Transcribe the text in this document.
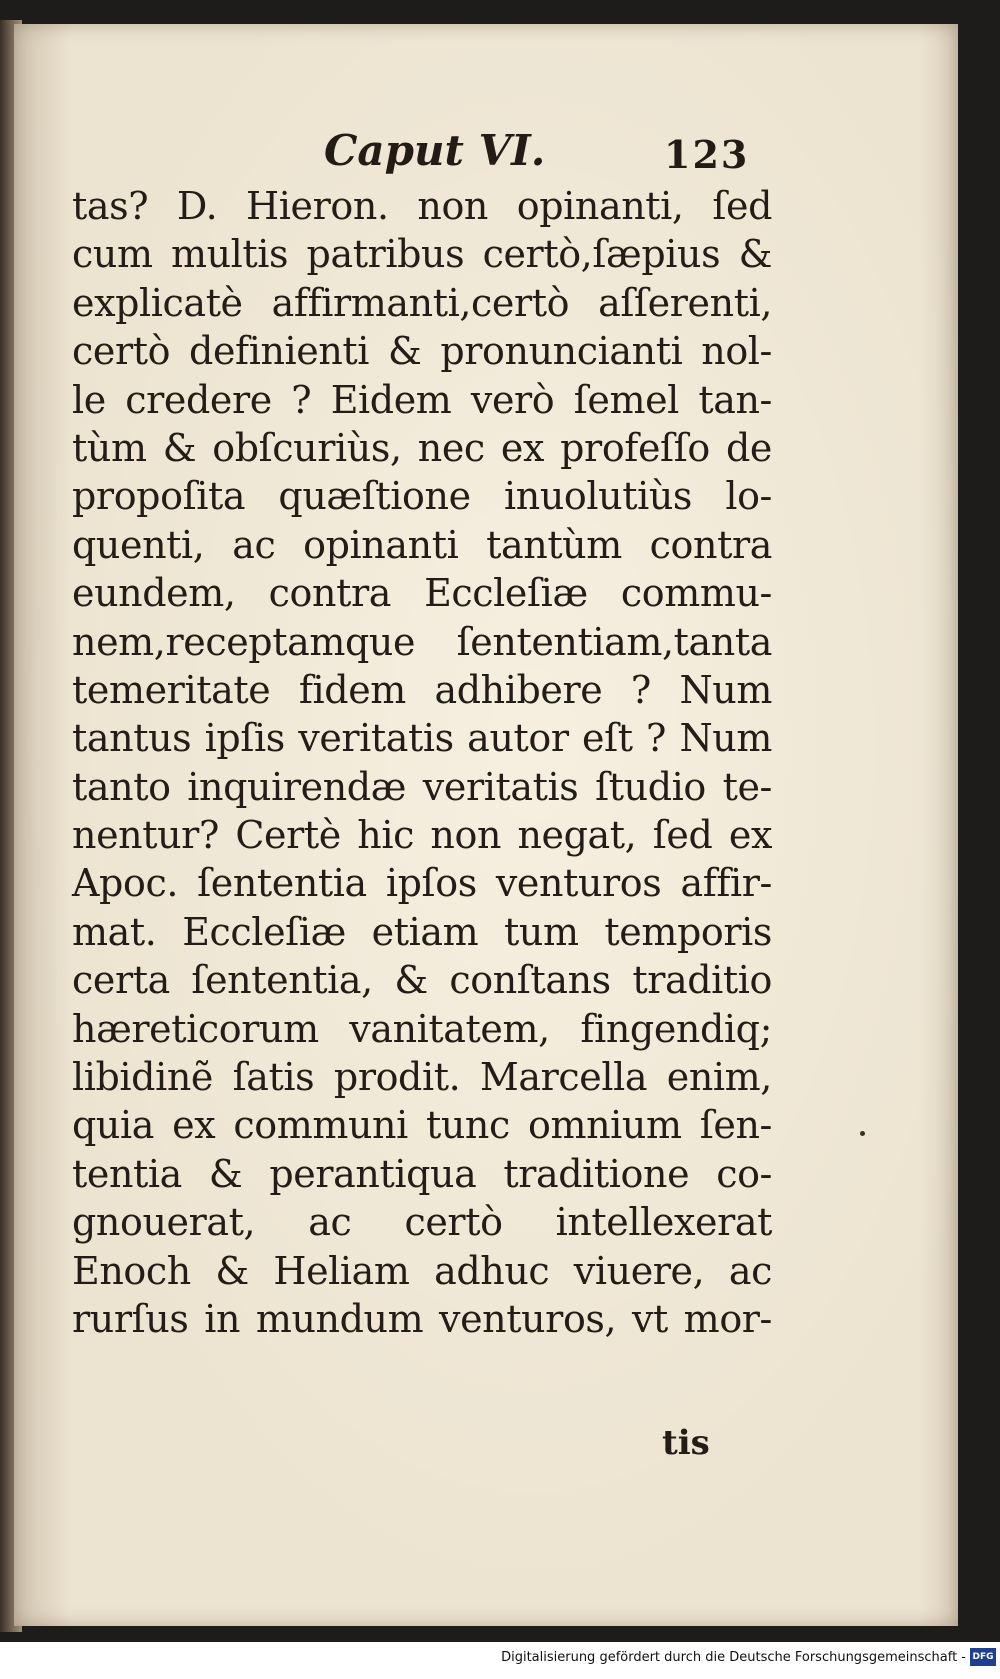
Caput VI.	123
tas? D. Hieron. non opinanti, ſed
cum multis patribus certò,ſæpius &
explicatè affirmanti,certò aſſerenti,
certò definienti & pronuncianti nol-
le credere ? Eidem verò ſemel tan-
tùm & obſcuriùs, nec ex profeſſo de
propoſita quæſtione inuolutiùs lo-
quenti, ac opinanti tantùm contra
eundem, contra Eccleſiæ commu-
nem,receptamque ſententiam,tanta
temeritate fidem adhibere ? Num
tantus ipſis veritatis autor eſt ? Num
tanto inquirendæ veritatis ſtudio te-
nentur? Certè hic non negat, ſed ex
Apoc. ſententia ipſos venturos affir-
mat. Eccleſiæ etiam tum temporis
certa ſententia, & conſtans traditio
hæreticorum vanitatem, fingendiq;
libidinẽ ſatis prodit. Marcella enim,
quia ex communi tunc omnium ſen-
tentia & perantiqua traditione co-
gnouerat, ac certò intellexerat
Enoch & Heliam adhuc viuere, ac
rurſus in mundum venturos, vt mor-
tis
Digitalisierung gefördert durch die Deutsche Forschungsgemeinschaft - DFG
